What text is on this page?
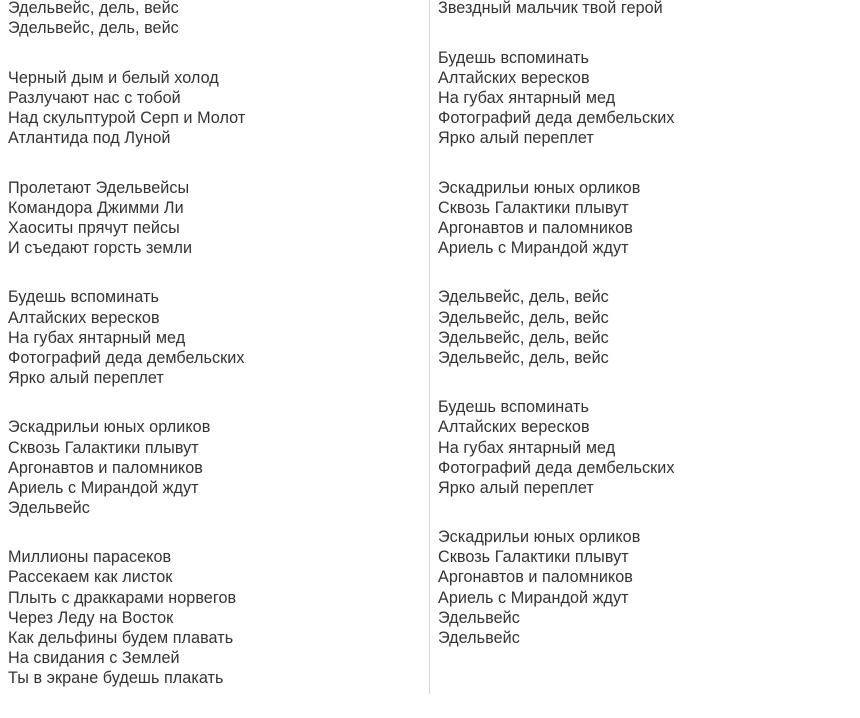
Эдельвейс, дель, вейс
Эдельвейс, дель, вейс
Черный дым и белый холод
Разлучают нас с тобой
Над скульптурой Серп и Молот
Атлантида под Луной
Пролетают Эдельвейсы
Командора Джимми Ли
Хаоситы прячут пейсы
И съедают горсть земли
Будешь вспоминать
Алтайских вересков
На губах янтарный мед
Фотографий деда дембельских
Ярко алый переплет
Эскадрильи юных орликов
Сквозь Галактики плывут
Аргонавтов и паломников
Ариель с Мирандой ждут
Эдельвейс
Миллионы парасеков
Рассекаем как листок
Плыть с драккарами норвегов
Через Леду на Восток
Как дельфины будем плавать
На свидания с Землей
Ты в экране будешь плакать
Звездный мальчик твой герой
Будешь вспоминать
Алтайских вересков
На губах янтарный мед
Фотографий деда дембельских
Ярко алый переплет
Эскадрильи юных орликов
Сквозь Галактики плывут
Аргонавтов и паломников
Ариель с Мирандой ждут
Эдельвейс, дель, вейс
Эдельвейс, дель, вейс
Эдельвейс, дель, вейс
Эдельвейс, дель, вейс
Будешь вспоминать
Алтайских вересков
На губах янтарный мед
Фотографий деда дембельских
Ярко алый переплет
Эскадрильи юных орликов
Сквозь Галактики плывут
Аргонавтов и паломников
Ариель с Мирандой ждут
Эдельвейс
Эдельвейс
